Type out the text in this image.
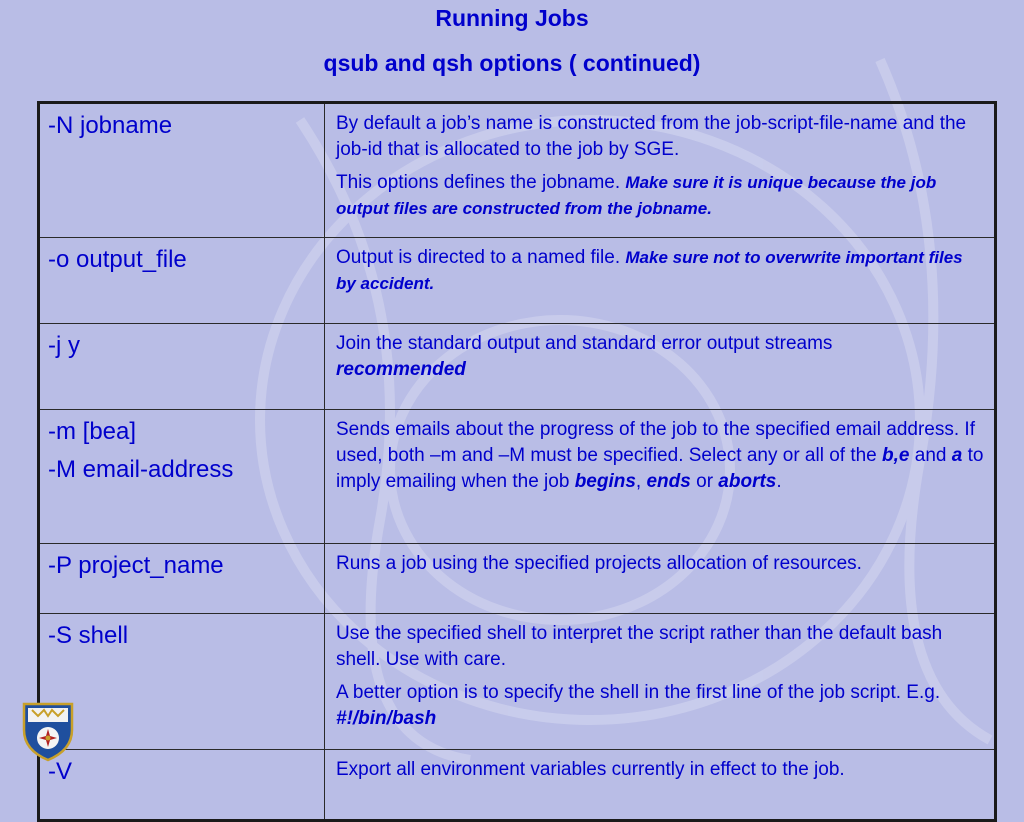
Running Jobs
qsub and qsh options ( continued)
-N jobname	By default a job’s name is constructed from the job-script-file-name and the job-id that is allocated to the job by SGE.

This options defines the jobname. Make sure it is unique because the job output files are constructed from the jobname.

-o output_file	Output is directed to a named file. Make sure not to overwrite important files by accident.

-j y	Join the standard output and standard error output streams
recommended

-m [bea]
-M email-address	Sends emails about the progress of the job to the specified email address. If used, both –m and –M must be specified. Select any or all of the b,e and a to imply emailing when the job begins, ends or aborts.

-P project_name	Runs a job using the specified projects allocation of resources.

-S shell	Use the specified shell to interpret the script rather than the default bash shell. Use with care.

A better option is to specify the shell in the first line of the job script. E.g. #!/bin/bash

-V	Export all environment variables currently in effect to the job.
